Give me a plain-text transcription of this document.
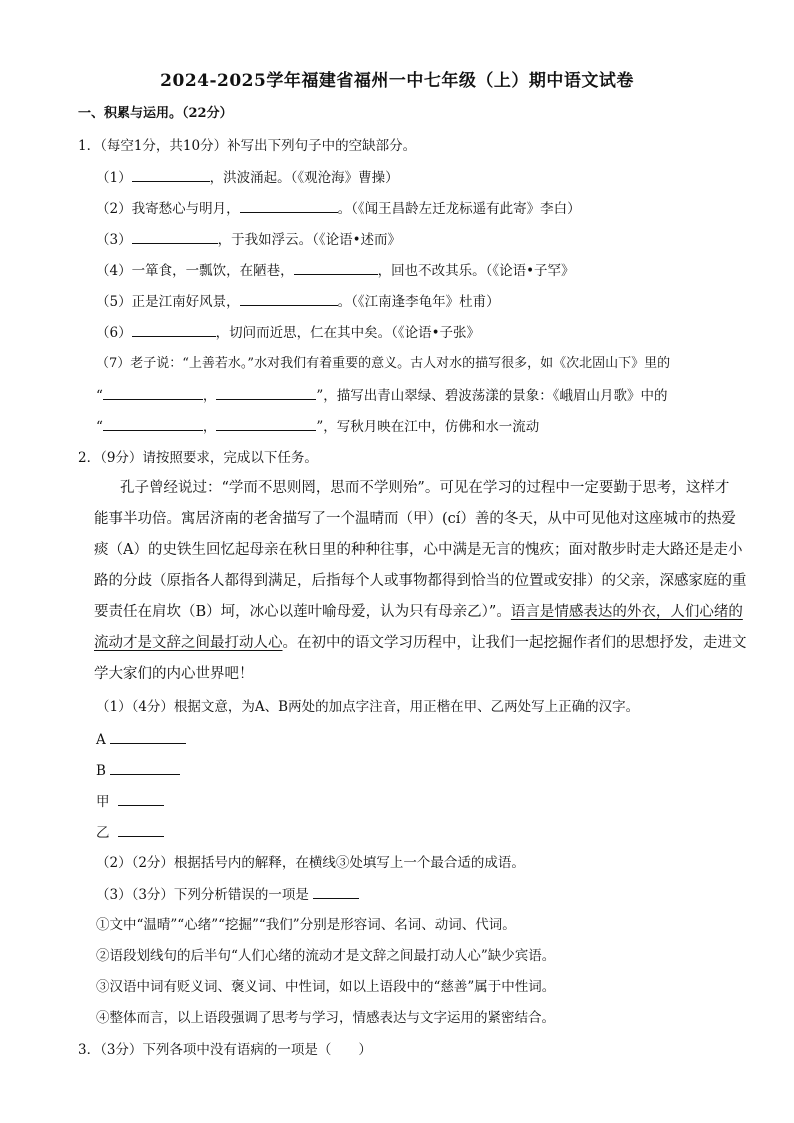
2024-2025学年福建省福州一中七年级（上）期中语文试卷
一、积累与运用。（22分）
1．（每空1分，共10分）补写出下列句子中的空缺部分。
（1）	，洪波涌起。（《观沧海》曹操）
（2）我寄愁心与明月，	。（《闻王昌龄左迁龙标遥有此寄》李白）
（3）	，于我如浮云。（《论语•述而》
（4）一箪食，一瓢饮，在陋巷，	，回也不改其乐。（《论语•子罕》
（5）正是江南好风景，	。（《江南逢李龟年》杜甫）
（6）	，切问而近思，仁在其中矣。（《论语•子张》
（7）老子说：“上善若水。”水对我们有着重要的意义。古人对水的描写很多，如《次北固山下》里的
“	，	”，描写出青山翠绿、碧波荡漾的景象：《峨眉山月歌》中的
“	，	”，写秋月映在江中，仿佛和水一流动
2．（9分）请按照要求，完成以下任务。
孔子曾经说过：“学而不思则罔，思而不学则殆”。可见在学习的过程中一定要勤于思考，这样才
能事半功倍。寓居济南的老舍描写了一个温晴而（甲）(cí）善的冬天，从中可见他对这座城市的热爱
痰（A）的史铁生回忆起母亲在秋日里的种种往事，心中满是无言的愧疚；面对散步时走大路还是走小
路的分歧（原指各人都得到满足，后指每个人或事物都得到恰当的位置或安排）的父亲，深感家庭的重
要责任在肩坎（B）坷，冰心以莲叶喻母爱，认为只有母亲乙）”。语言是情感表达的外衣，人们心绪的
流动才是文辞之间最打动人心。在初中的语文学习历程中，让我们一起挖掘作者们的思想抒发，走进文
学大家们的内心世界吧！
（1）（4分）根据文意，为A、B两处的加点字注音，用正楷在甲、乙两处写上正确的汉字。
A
B
甲
乙
（2）（2分）根据括号内的解释，在横线③处填写上一个最合适的成语。
（3）（3分）下列分析错误的一项是
①文中“温晴”“心绪”“挖掘”“我们”分别是形容词、名词、动词、代词。
②语段划线句的后半句“人们心绪的流动才是文辞之间最打动人心”缺少宾语。
③汉语中词有贬义词、褒义词、中性词，如以上语段中的“慈善”属于中性词。
④整体而言，以上语段强调了思考与学习，情感表达与文字运用的紧密结合。
3．（3分）下列各项中没有语病的一项是（　　）
